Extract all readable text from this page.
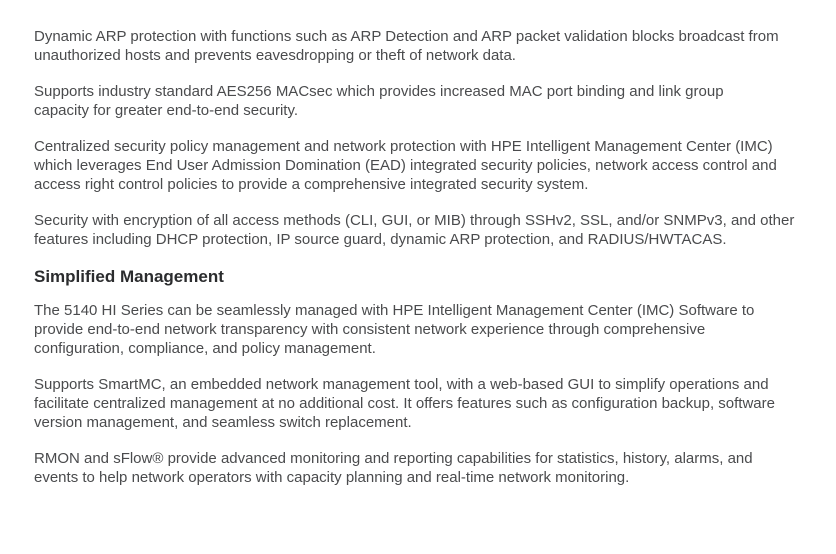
Dynamic ARP protection with functions such as ARP Detection and ARP packet validation blocks broadcast from
unauthorized hosts and prevents eavesdropping or theft of network data.

Supports industry standard AES256 MACsec which provides increased MAC port binding and link group
capacity for greater end-to-end security.

Centralized security policy management and network protection with HPE Intelligent Management Center (IMC)
which leverages End User Admission Domination (EAD) integrated security policies, network access control and
access right control policies to provide a comprehensive integrated security system.

Security with encryption of all access methods (CLI, GUI, or MIB) through SSHv2, SSL, and/or SNMPv3, and other
features including DHCP protection, IP source guard, dynamic ARP protection, and RADIUS/HWTACAS.

Simplified Management

The 5140 HI Series can be seamlessly managed with HPE Intelligent Management Center (IMC) Software to
provide end-to-end network transparency with consistent network experience through comprehensive
configuration, compliance, and policy management.

Supports SmartMC, an embedded network management tool, with a web-based GUI to simplify operations and
facilitate centralized management at no additional cost. It offers features such as configuration backup, software
version management, and seamless switch replacement.

RMON and sFlow® provide advanced monitoring and reporting capabilities for statistics, history, alarms, and
events to help network operators with capacity planning and real-time network monitoring.
